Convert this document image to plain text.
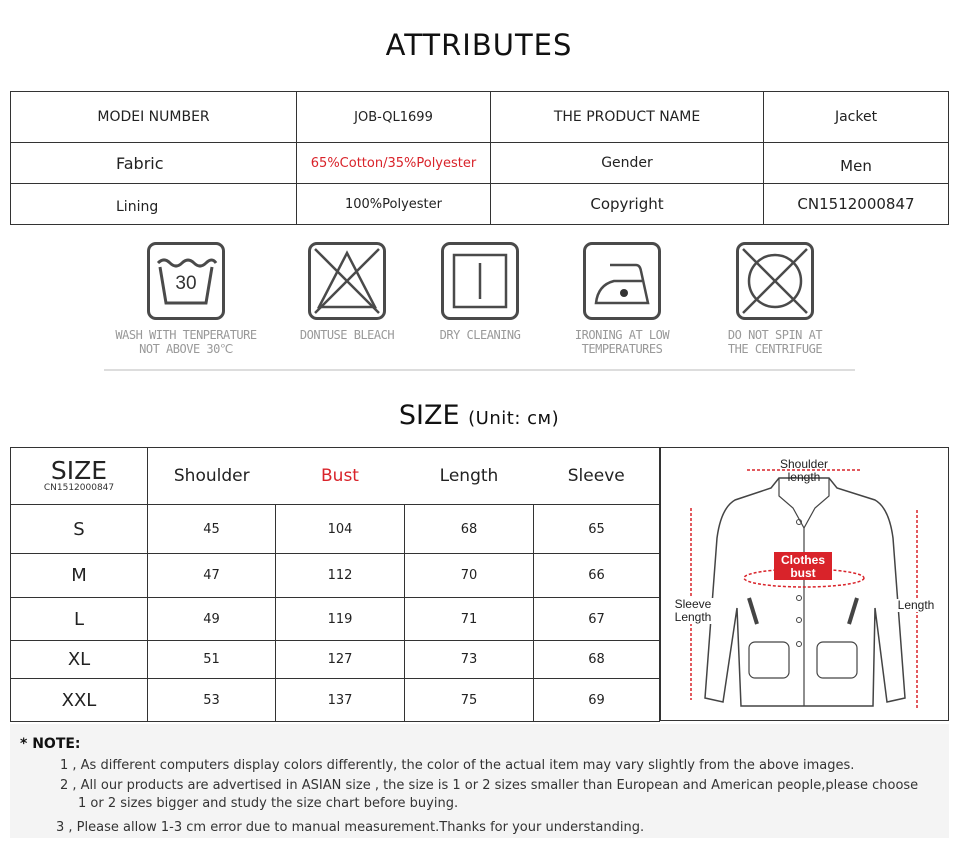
ATTRIBUTES
MODEI NUMBER	JOB-QL1699	THE PRODUCT NAME	Jacket
Fabric	65%Cotton/35%Polyester	Gender	Men
Lining	100%Polyester	Copyright	CN1512000847
30
WASH WITH TENPERATURE
NOT ABOVE 30℃
DONTUSE BLEACH	DRY CLEANING	IRONING AT LOW
TEMPERATURES
DO NOT SPIN AT
THE CENTRIFUGE
SIZE (Unit: см)
SIZE
CN1512000847	Shoulder	Bust	Length	Sleeve
S	45	104	68	65
M	47	112	70	66
L	49	119	71	67
XL	51	127	73	68
XXL	53	137	75	69
Shoulder
length
Clothes
bust
Sleeve
Length
Length
* NOTE:
1 , As different computers display colors differently, the color of the actual item may vary slightly from the above images.
2 , All our products are advertised in ASIAN size , the size is 1 or 2 sizes smaller than European and American people,please choose
1 or 2 sizes bigger and study the size chart before buying.
3 , Please allow 1-3 cm error due to manual measurement.Thanks for your understanding.
